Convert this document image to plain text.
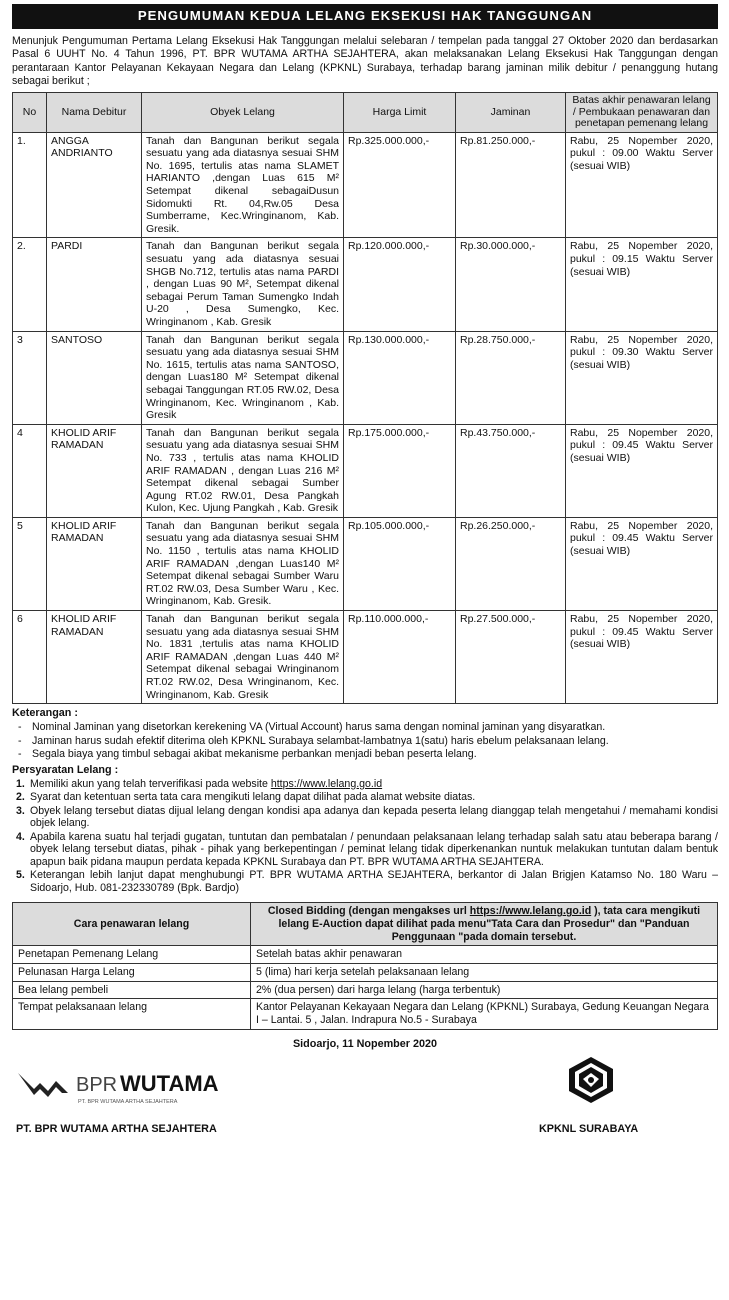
PENGUMUMAN KEDUA LELANG EKSEKUSI HAK TANGGUNGAN

Menunjuk Pengumuman Pertama Lelang Eksekusi Hak Tanggungan melalui selebaran / tempelan pada tanggal 27 Oktober 2020 dan berdasarkan Pasal 6 UUHT No. 4 Tahun 1996, PT. BPR WUTAMA ARTHA SEJAHTERA, akan melaksanakan Lelang Eksekusi Hak Tanggungan dengan perantaraan Kantor Pelayanan Kekayaan Negara dan Lelang (KPKNL) Surabaya, terhadap barang jaminan milik debitur / penanggung hutang sebagai berikut ;

No	Nama Debitur	Obyek Lelang	Harga Limit	Jaminan	Batas akhir penawaran lelang / Pembukaan penawaran dan penetapan pemenang lelang
1.	ANGGA ANDRIANTO	Tanah dan Bangunan berikut segala sesuatu yang ada diatasnya sesuai SHM No. 1695, tertulis atas nama SLAMET HARIANTO ,dengan Luas 615 M² Setempat dikenal sebagaiDusun Sidomukti Rt. 04,Rw.05 Desa Sumberrame, Kec.Wringinanom, Kab. Gresik.	Rp.325.000.000,-	Rp.81.250.000,-	Rabu, 25 Nopember 2020, pukul : 09.00 Waktu Server (sesuai WIB)
2.	PARDI	Tanah dan Bangunan berikut segala sesuatu yang ada diatasnya sesuai SHGB No.712, tertulis atas nama PARDI , dengan Luas 90 M², Setempat dikenal sebagai Perum Taman Sumengko Indah U-20 , Desa Sumengko, Kec. Wringinanom , Kab. Gresik	Rp.120.000.000,-	Rp.30.000.000,-	Rabu, 25 Nopember 2020, pukul : 09.15 Waktu Server (sesuai WIB)
3	SANTOSO	Tanah dan Bangunan berikut segala sesuatu yang ada diatasnya sesuai SHM No. 1615, tertulis atas nama SANTOSO, dengan Luas180 M² Setempat dikenal sebagai Tanggungan RT.05 RW.02, Desa Wringinanom, Kec. Wringinanom , Kab. Gresik	Rp.130.000.000,-	Rp.28.750.000,-	Rabu, 25 Nopember 2020, pukul : 09.30 Waktu Server (sesuai WIB)
4	KHOLID ARIF RAMADAN	Tanah dan Bangunan berikut segala sesuatu yang ada diatasnya sesuai SHM No. 733 , tertulis atas nama KHOLID ARIF RAMADAN , dengan Luas 216 M² Setempat dikenal sebagai Sumber Agung RT.02 RW.01, Desa Pangkah Kulon, Kec. Ujung Pangkah , Kab. Gresik	Rp.175.000.000,-	Rp.43.750.000,-	Rabu, 25 Nopember 2020, pukul : 09.45 Waktu Server (sesuai WIB)
5	KHOLID ARIF RAMADAN	Tanah dan Bangunan berikut segala sesuatu yang ada diatasnya sesuai SHM No. 1150 , tertulis atas nama KHOLID ARIF RAMADAN ,dengan Luas140 M² Setempat dikenal sebagai Sumber Waru RT.02 RW.03, Desa Sumber Waru , Kec. Wringinanom, Kab. Gresik.	Rp.105.000.000,-	Rp.26.250.000,-	Rabu, 25 Nopember 2020, pukul : 09.45 Waktu Server (sesuai WIB)
6	KHOLID ARIF RAMADAN	Tanah dan Bangunan berikut segala sesuatu yang ada diatasnya sesuai SHM No. 1831 ,tertulis atas nama KHOLID ARIF RAMADAN ,dengan Luas 440 M² Setempat dikenal sebagai Wringinanom RT.02 RW.02, Desa Wringinanom, Kec. Wringinanom, Kab. Gresik	Rp.110.000.000,-	Rp.27.500.000,-	Rabu, 25 Nopember 2020, pukul : 09.45 Waktu Server (sesuai WIB)
Keterangan :
- Nominal Jaminan yang disetorkan kerekening VA (Virtual Account) harus sama dengan nominal jaminan yang disyaratkan.
- Jaminan harus sudah efektif diterima oleh KPKNL Surabaya selambat-lambatnya 1(satu) haris ebelum pelaksanaan lelang.
- Segala biaya yang timbul sebagai akibat mekanisme perbankan menjadi beban peserta lelang.
Persyaratan Lelang :
1. Memiliki akun yang telah terverifikasi pada website https://www.lelang.go.id
2. Syarat dan ketentuan serta tata cara mengikuti lelang dapat dilihat pada alamat website diatas.
3. Obyek lelang tersebut diatas dijual lelang dengan kondisi apa adanya dan kepada peserta lelang dianggap telah mengetahui / memahami kondisi objek lelang.
4. Apabila karena suatu hal terjadi gugatan, tuntutan dan pembatalan / penundaan pelaksanaan lelang terhadap salah satu atau beberapa barang / obyek lelang tersebut diatas, pihak - pihak yang berkepentingan / peminat lelang tidak diperkenankan nuntuk melakukan tuntutan dalam bentuk apapun baik pidana maupun perdata kepada KPKNL Surabaya dan PT. BPR WUTAMA ARTHA SEJAHTERA.
5. Keterangan lebih lanjut dapat menghubungi PT. BPR WUTAMA ARTHA SEJAHTERA, berkantor di Jalan Brigjen Katamso No. 180 Waru – Sidoarjo, Hub. 081-232330789 (Bpk. Bardjo)
Cara penawaran lelang	Closed Bidding (dengan mengakses url https://www.lelang.go.id ), tata cara mengikuti lelang E-Auction dapat dilihat pada menu"Tata Cara dan Prosedur" dan "Panduan Penggunaan "pada domain tersebut.
Penetapan Pemenang Lelang	Setelah batas akhir penawaran
Pelunasan Harga Lelang	5 (lima) hari kerja setelah pelaksanaan lelang
Bea lelang pembeli	2% (dua persen) dari harga lelang (harga terbentuk)
Tempat pelaksanaan lelang	Kantor Pelayanan Kekayaan Negara dan Lelang (KPKNL) Surabaya, Gedung Keuangan Negara I – Lantai. 5 , Jalan. Indrapura No.5 - Surabaya
Sidoarjo, 11 Nopember 2020
BPR WUTAMA
PT. BPR WUTAMA ARTHA SEJAHTERA
PT. BPR WUTAMA ARTHA SEJAHTERA	KPKNL SURABAYA
